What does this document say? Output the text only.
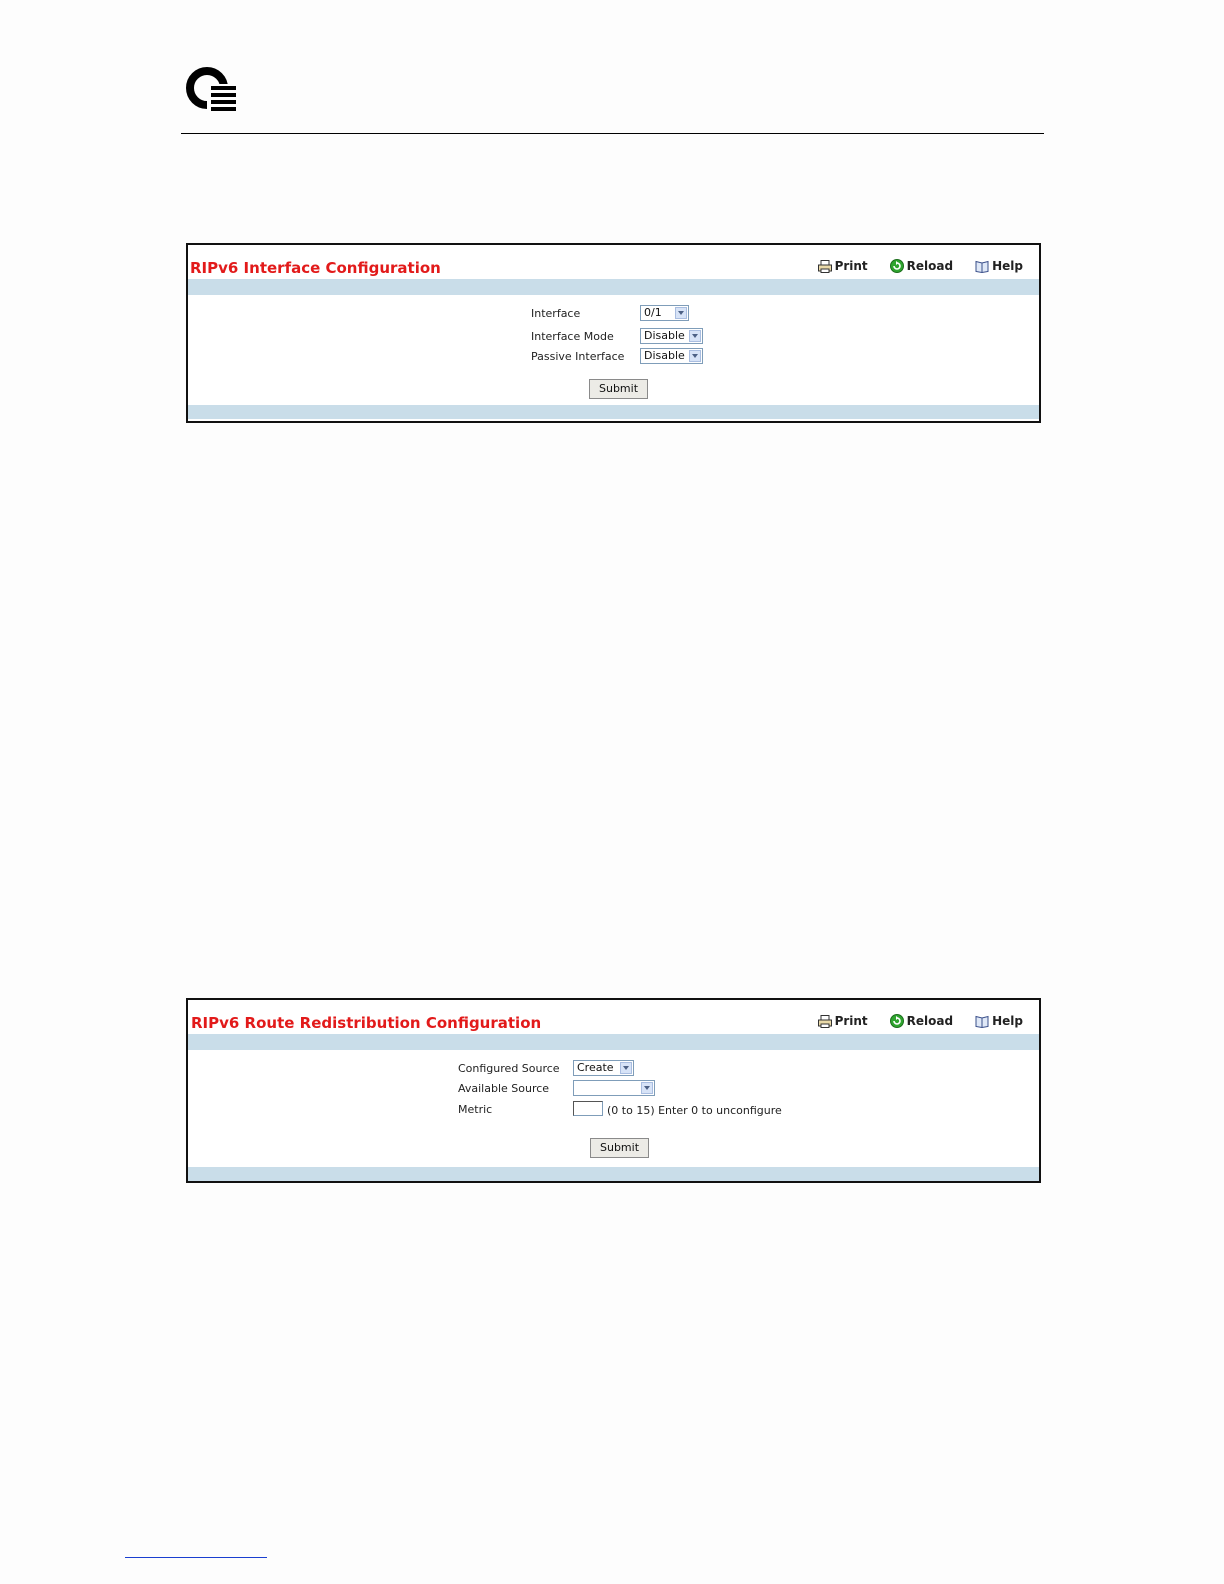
RIPv6 Interface Configuration	Print	Reload	Help
Interface	0/1
Interface Mode	Disable
Passive Interface	Disable
Submit
RIPv6 Route Redistribution Configuration	Print	Reload	Help
Configured Source	Create
Available Source
Metric	(0 to 15) Enter 0 to unconfigure
Submit
